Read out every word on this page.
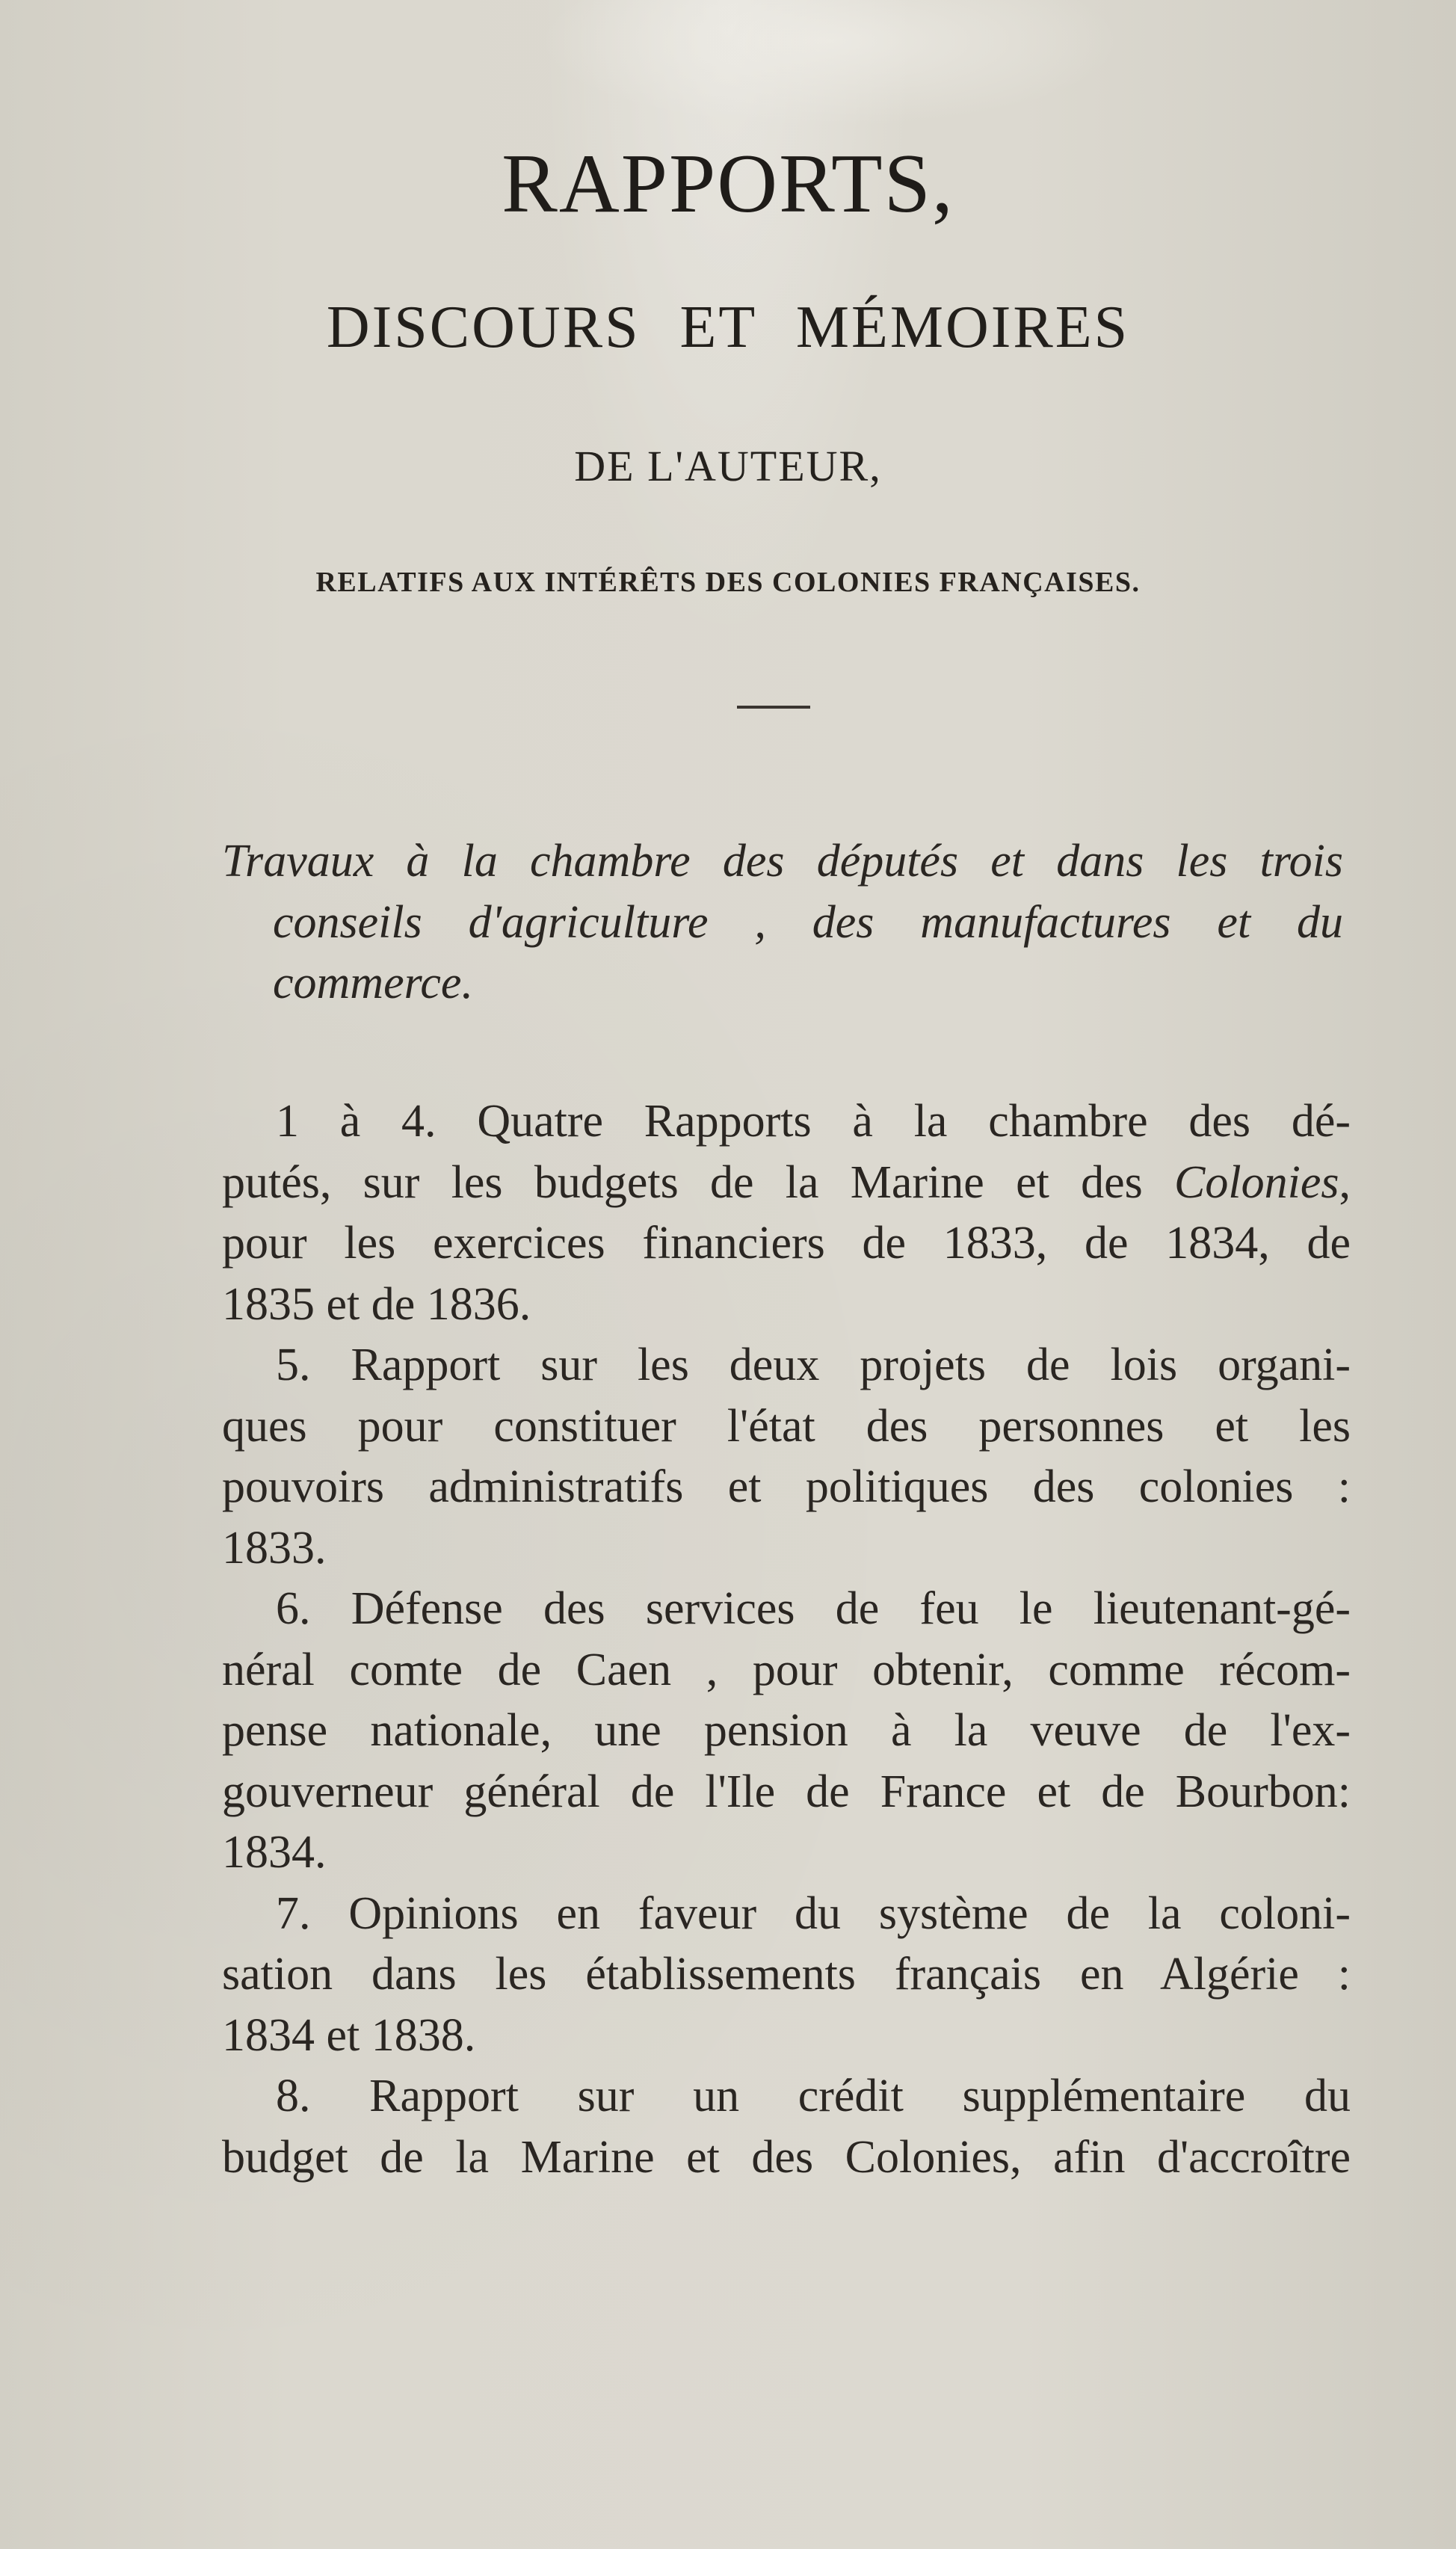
RAPPORTS,
DISCOURS ET MÉMOIRES
DE L'AUTEUR,
RELATIFS AUX INTÉRÊTS DES COLONIES FRANÇAISES.
Travaux à la chambre des députés et dans les trois
conseils d'agriculture , des manufactures et du
commerce.
1 à 4. Quatre Rapports à la chambre des dé-
putés, sur les budgets de la Marine et des Colonies,
pour les exercices financiers de 1833, de 1834, de
1835 et de 1836.
5. Rapport sur les deux projets de lois organi-
ques pour constituer l'état des personnes et les
pouvoirs administratifs et politiques des colonies :
1833.
6. Défense des services de feu le lieutenant-gé-
néral comte de Caen , pour obtenir, comme récom-
pense nationale, une pension à la veuve de l'ex-
gouverneur général de l'Ile de France et de Bourbon:
1834.
7. Opinions en faveur du système de la coloni-
sation dans les établissements français en Algérie :
1834 et 1838.
8. Rapport sur un crédit supplémentaire du
budget de la Marine et des Colonies, afin d'accroître
